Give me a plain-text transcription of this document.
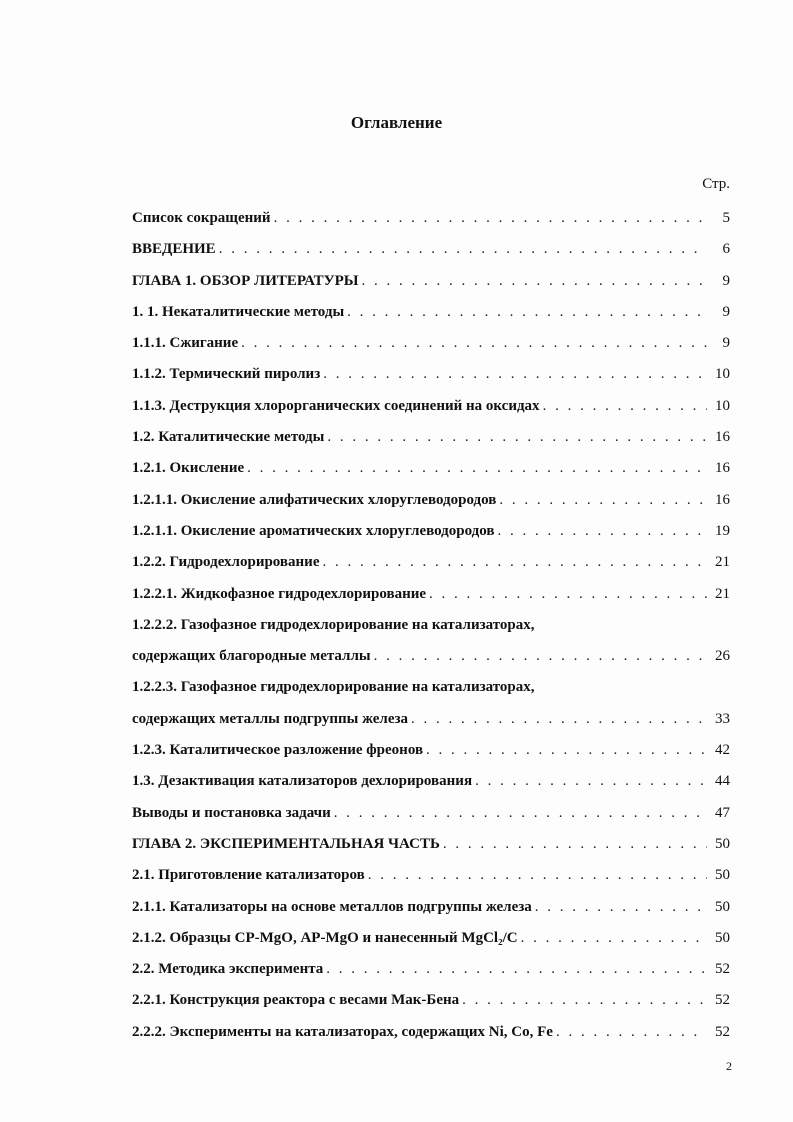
Оглавление
Стр.
Список сокращений . . .	5
ВВЕДЕНИЕ . . .	6
ГЛАВА 1. ОБЗОР ЛИТЕРАТУРЫ . . .	9
1. 1. Некаталитические методы . . .	9
1.1.1. Сжигание . . .	9
1.1.2. Термический пиролиз . . .	10
1.1.3. Деструкция хлорорганических соединений на оксидах . . .	10
1.2. Каталитические методы . . .	16
1.2.1. Окисление . . .	16
1.2.1.1. Окисление алифатических хлоруглеводородов . . .	16
1.2.1.1. Окисление ароматических хлоруглеводородов . . .	19
1.2.2. Гидродехлорирование . . .	21
1.2.2.1. Жидкофазное гидродехлорирование . . .	21
1.2.2.2. Газофазное гидродехлорирование на катализаторах,
содержащих благородные металлы . . .	26
1.2.2.3. Газофазное гидродехлорирование на катализаторах,
содержащих металлы подгруппы железа . . .	33
1.2.3. Каталитическое разложение фреонов . . .	42
1.3. Дезактивация катализаторов дехлорирования . . .	44
Выводы и постановка задачи . . .	47
ГЛАВА 2. ЭКСПЕРИМЕНТАЛЬНАЯ ЧАСТЬ . . .	50
2.1. Приготовление катализаторов . . .	50
2.1.1. Катализаторы на основе металлов подгруппы железа . . .	50
2.1.2. Образцы СР-MgO, АР-MgO и нанесенный MgCl₂/C . . .	50
2.2. Методика эксперимента . . .	52
2.2.1. Конструкция реактора с весами Мак-Бена . . .	52
2.2.2. Эксперименты на катализаторах, содержащих Ni, Co, Fe . . .	52
2
